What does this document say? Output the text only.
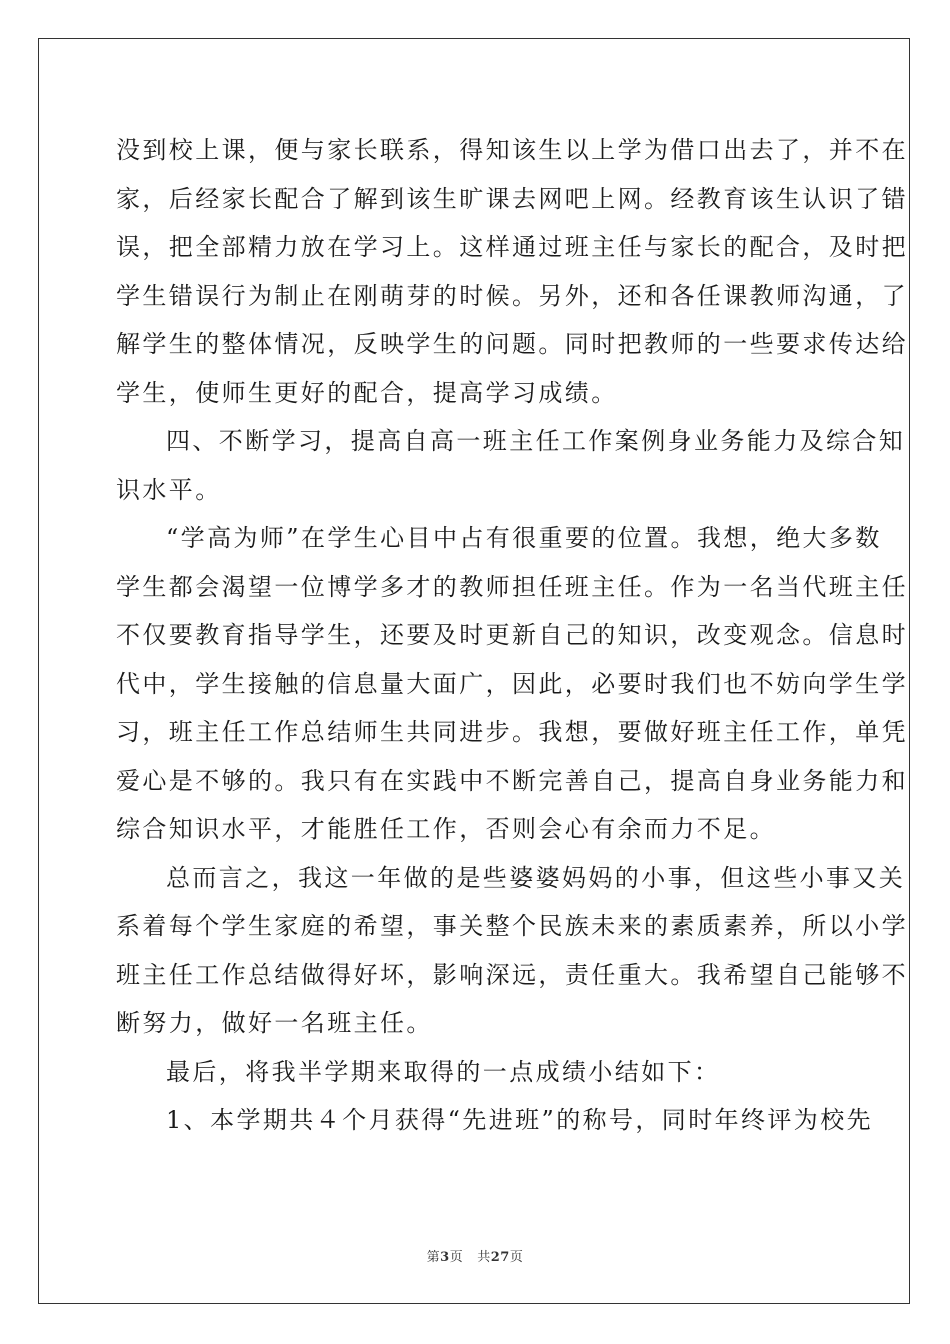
没到校上课，便与家长联系，得知该生以上学为借口出去了，并不在
家，后经家长配合了解到该生旷课去网吧上网。经教育该生认识了错
误，把全部精力放在学习上。这样通过班主任与家长的配合，及时把
学生错误行为制止在刚萌芽的时候。另外，还和各任课教师沟通，了
解学生的整体情况，反映学生的问题。同时把教师的一些要求传达给
学生，使师生更好的配合，提高学习成绩。
四、不断学习，提高自高一班主任工作案例身业务能力及综合知
识水平。
“学高为师”在学生心目中占有很重要的位置。我想，绝大多数
学生都会渴望一位博学多才的教师担任班主任。作为一名当代班主任
不仅要教育指导学生，还要及时更新自己的知识，改变观念。信息时
代中，学生接触的信息量大面广，因此，必要时我们也不妨向学生学
习，班主任工作总结师生共同进步。我想，要做好班主任工作，单凭
爱心是不够的。我只有在实践中不断完善自己，提高自身业务能力和
综合知识水平，才能胜任工作，否则会心有余而力不足。
总而言之，我这一年做的是些婆婆妈妈的小事，但这些小事又关
系着每个学生家庭的希望，事关整个民族未来的素质素养，所以小学
班主任工作总结做得好坏，影响深远，责任重大。我希望自己能够不
断努力，做好一名班主任。
最后，将我半学期来取得的一点成绩小结如下：
1、本学期共４个月获得“先进班”的称号，同时年终评为校先
第3页 共27页
